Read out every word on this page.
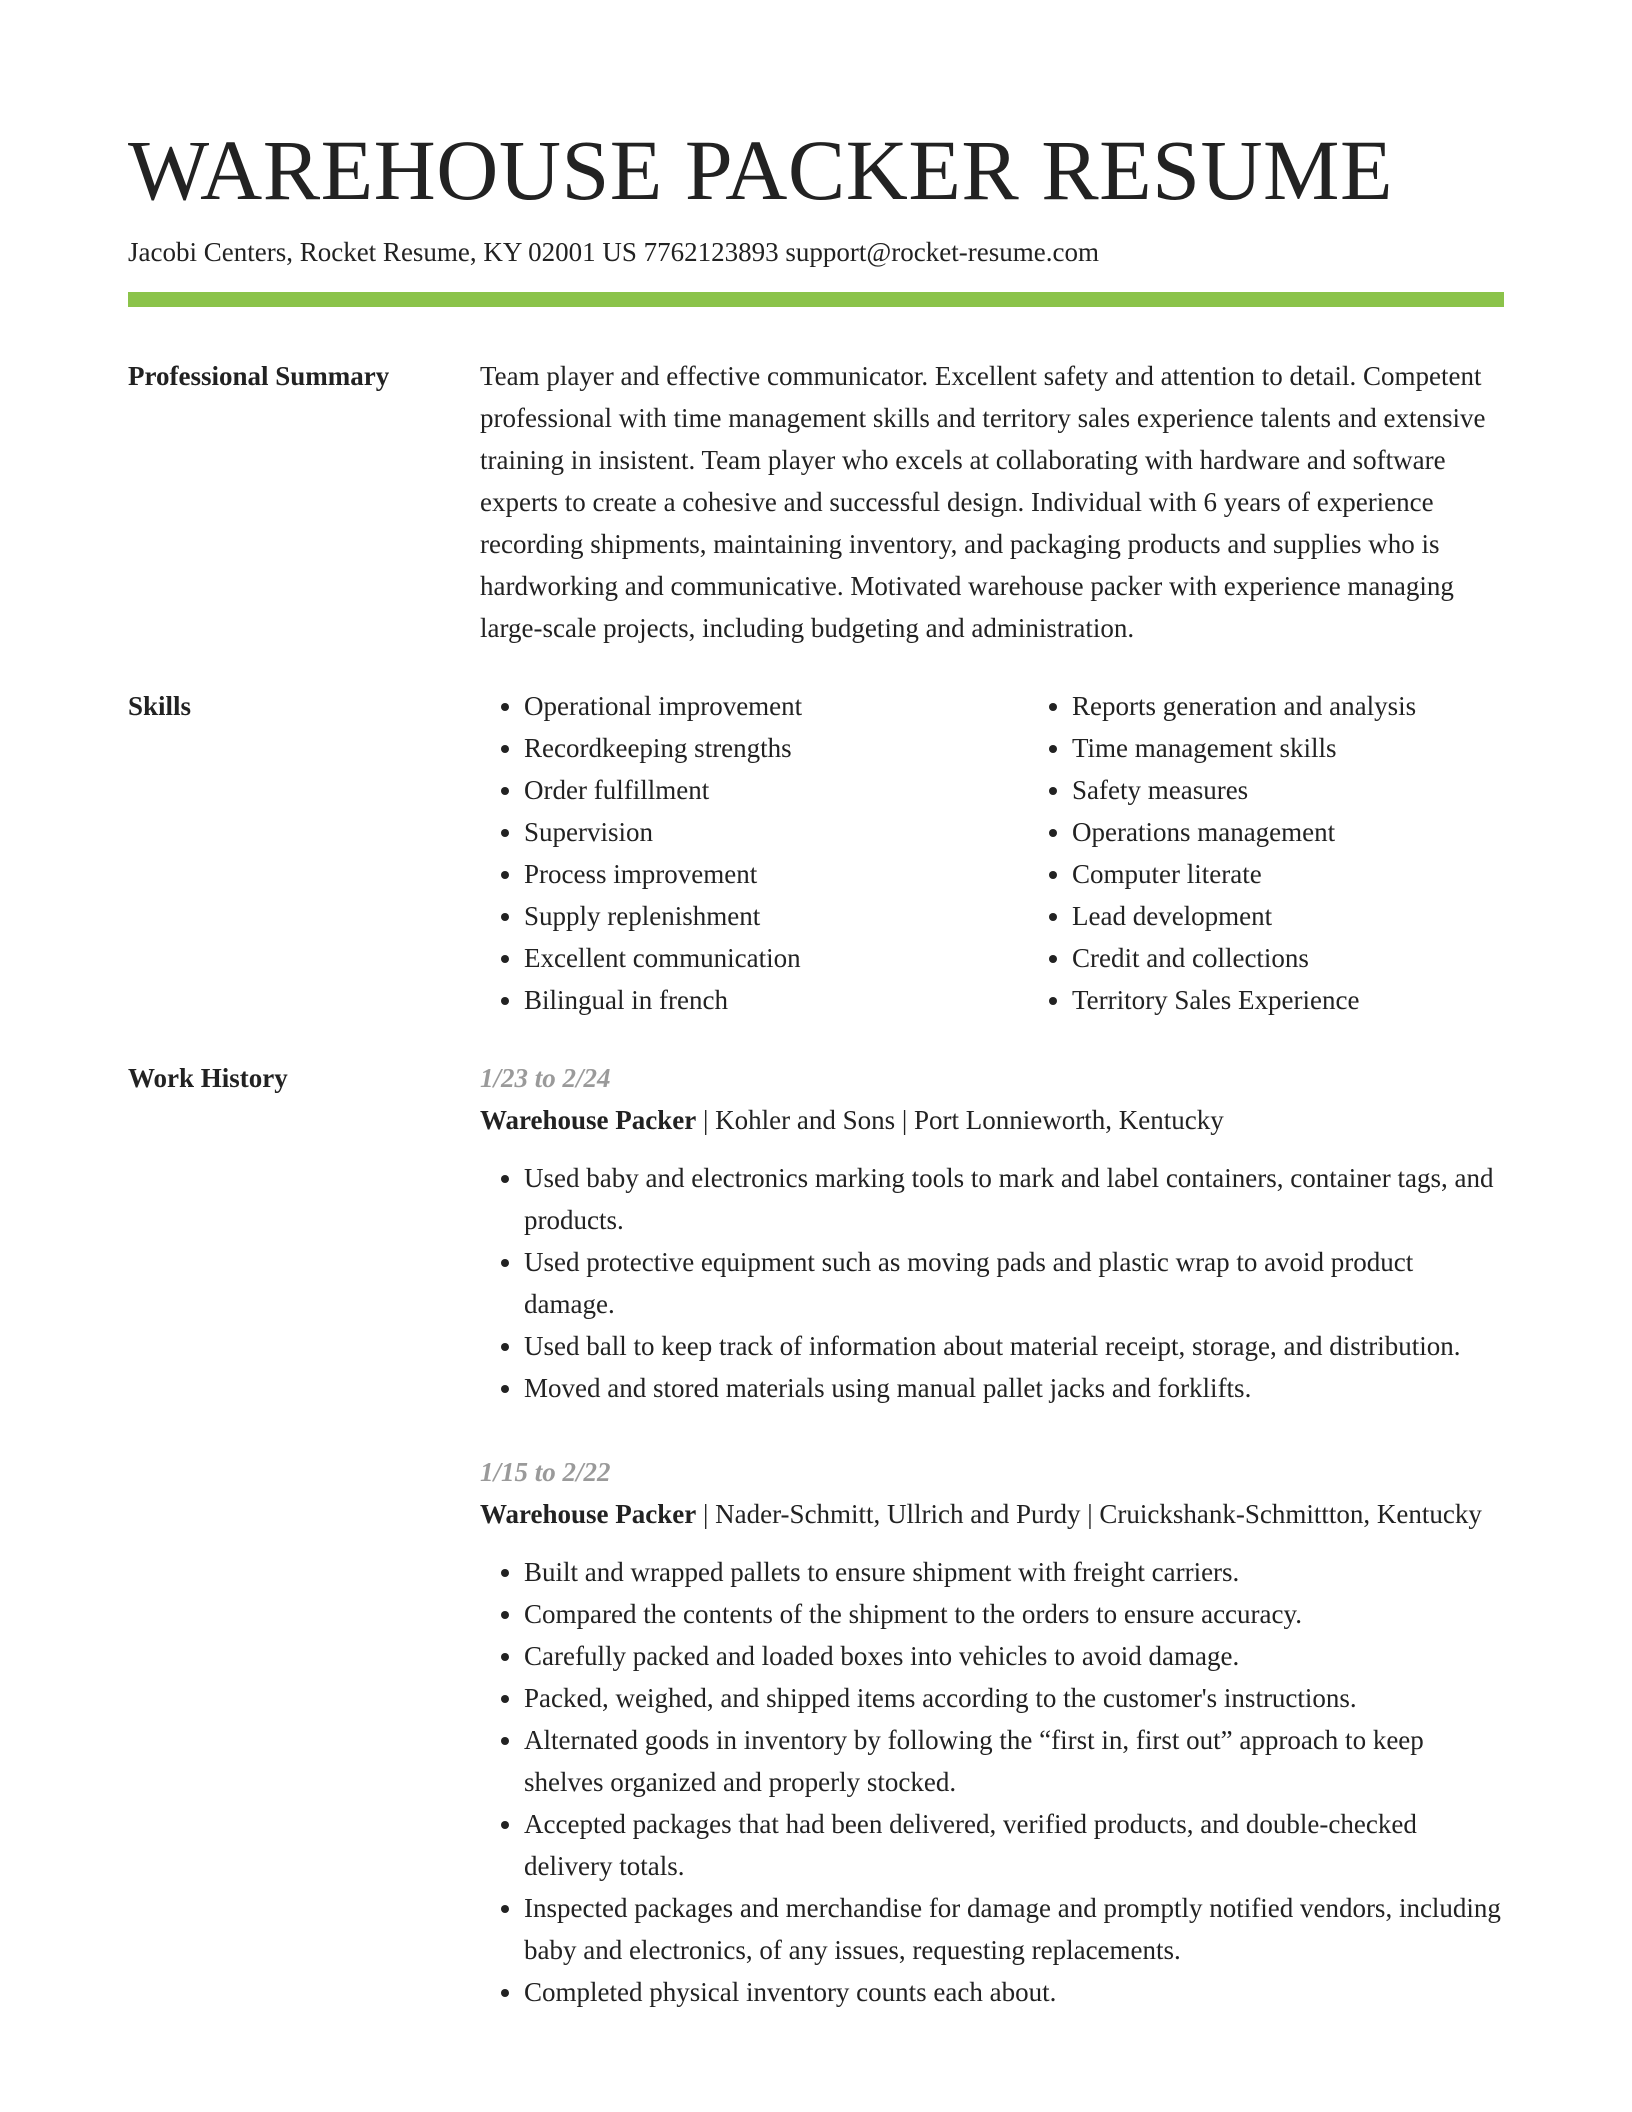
WAREHOUSE PACKER RESUME
Jacobi Centers, Rocket Resume, KY 02001 US 7762123893 support@rocket-resume.com
Professional Summary	Team player and effective communicator. Excellent safety and attention to detail. Competent professional with time management skills and territory sales experience talents and extensive training in insistent. Team player who excels at collaborating with hardware and software experts to create a cohesive and successful design. Individual with 6 years of experience recording shipments, maintaining inventory, and packaging products and supplies who is hardworking and communicative. Motivated warehouse packer with experience managing large-scale projects, including budgeting and administration.

Skills
•	Operational improvement
• Recordkeeping strengths
• Order fulfillment
• Supervision
• Process improvement
• Supply replenishment
• Excellent communication
• Bilingual in french
• Reports generation and analysis
• Time management skills
• Safety measures
• Operations management
• Computer literate
• Lead development
• Credit and collections
• Territory Sales Experience
Work History	1/23 to 2/24
Warehouse Packer | Kohler and Sons | Port Lonnieworth, Kentucky
• Used baby and electronics marking tools to mark and label containers, container tags, and products.
• Used protective equipment such as moving pads and plastic wrap to avoid product damage.
• Used ball to keep track of information about material receipt, storage, and distribution.
• Moved and stored materials using manual pallet jacks and forklifts.
1/15 to 2/22
Warehouse Packer | Nader-Schmitt, Ullrich and Purdy | Cruickshank-Schmittton, Kentucky
• Built and wrapped pallets to ensure shipment with freight carriers.
• Compared the contents of the shipment to the orders to ensure accuracy.
• Carefully packed and loaded boxes into vehicles to avoid damage.
• Packed, weighed, and shipped items according to the customer's instructions.
• Alternated goods in inventory by following the “first in, first out” approach to keep shelves organized and properly stocked.
• Accepted packages that had been delivered, verified products, and double-checked delivery totals.
• Inspected packages and merchandise for damage and promptly notified vendors, including baby and electronics, of any issues, requesting replacements.
• Completed physical inventory counts each about.
